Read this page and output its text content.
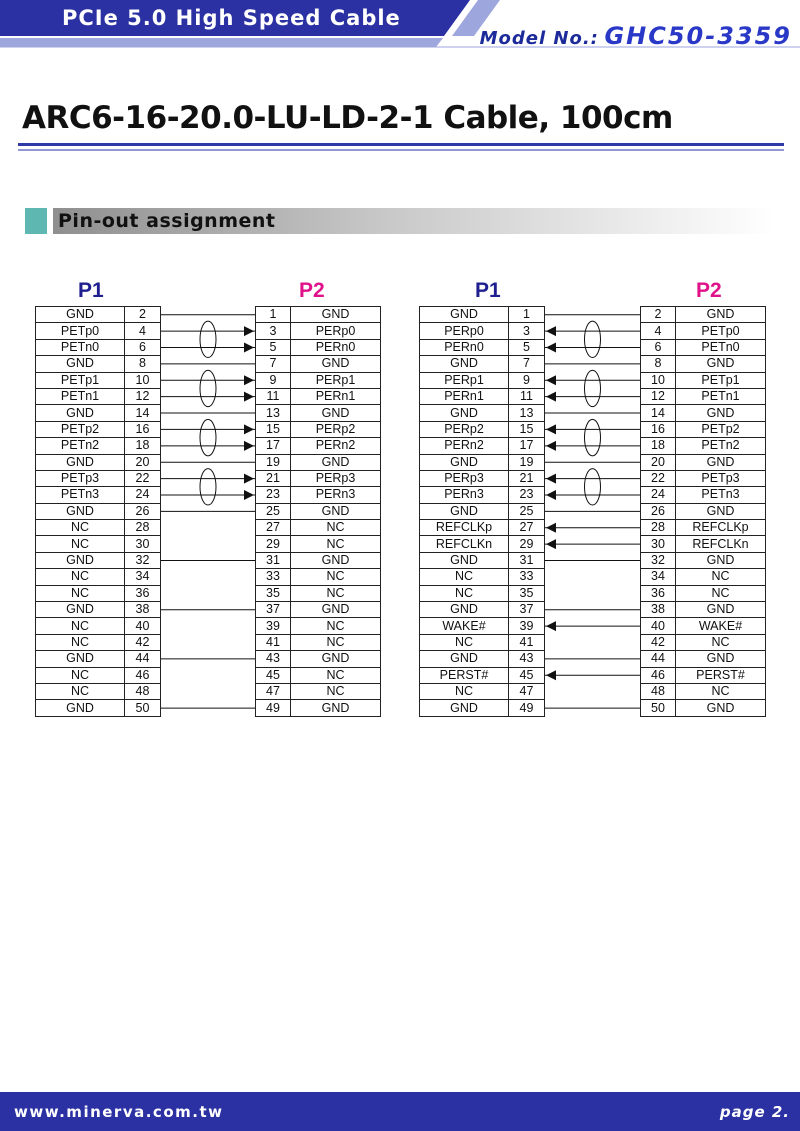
PCIe 5.0 High Speed Cable
Model No.: GHC50-3359
ARC6-16-20.0-LU-LD-2-1 Cable, 100cm
Pin-out assignment
P1	P2	P1	P2
GND	2
PETp0	4
PETn0	6
GND	8
PETp1	10
PETn1	12
GND	14
PETp2	16
PETn2	18
GND	20
PETp3	22
PETn3	24
GND	26
NC	28
NC	30
GND	32
NC	34
NC	36
GND	38
NC	40
NC	42
GND	44
NC	46
NC	48
GND	50
1	GND
3	PERp0
5	PERn0
7	GND
9	PERp1
11	PERn1
13	GND
15	PERp2
17	PERn2
19	GND
21	PERp3
23	PERn3
25	GND
27	NC
29	NC
31	GND
33	NC
35	NC
37	GND
39	NC
41	NC
43	GND
45	NC
47	NC
49	GND
GND	1
PERp0	3
PERn0	5
GND	7
PERp1	9
PERn1	11
GND	13
PERp2	15
PERn2	17
GND	19
PERp3	21
PERn3	23
GND	25
REFCLKp	27
REFCLKn	29
GND	31
NC	33
NC	35
GND	37
WAKE#	39
NC	41
GND	43
PERST#	45
NC	47
GND	49
2	GND
4	PETp0
6	PETn0
8	GND
10	PETp1
12	PETn1
14	GND
16	PETp2
18	PETn2
20	GND
22	PETp3
24	PETn3
26	GND
28	REFCLKp
30	REFCLKn
32	GND
34	NC
36	NC
38	GND
40	WAKE#
42	NC
44	GND
46	PERST#
48	NC
50	GND
www.minerva.com.tw	page 2.
